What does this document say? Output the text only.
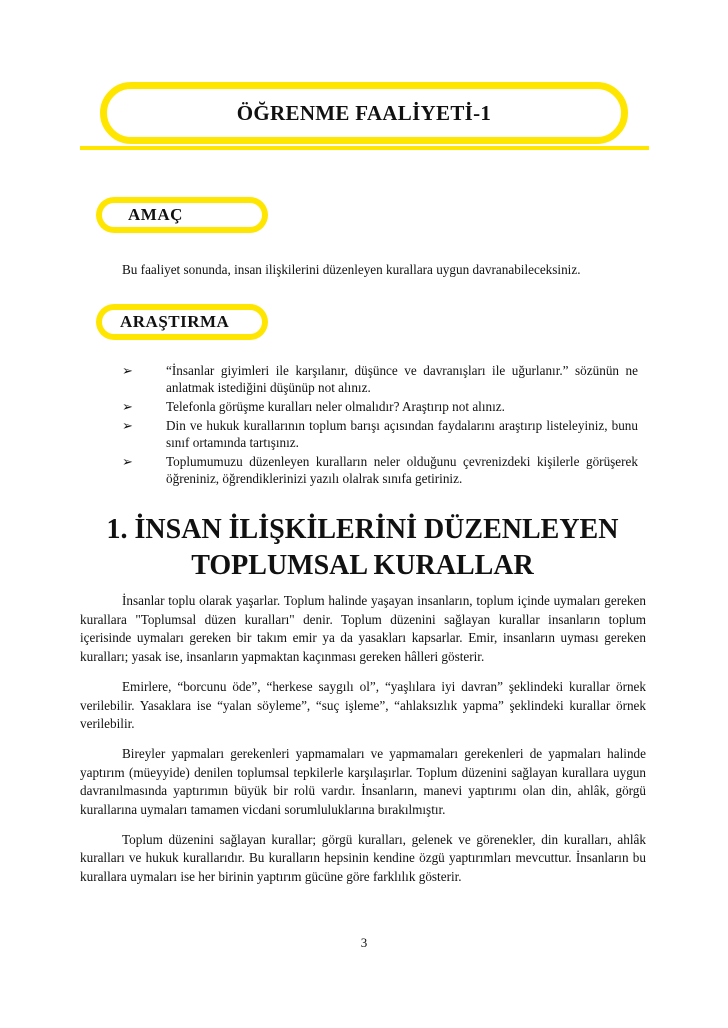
ÖĞRENME FAALİYETİ-1
AMAÇ
Bu faaliyet sonunda, insan ilişkilerini düzenleyen kurallara uygun davranabileceksiniz.
ARAŞTIRMA
➢	“İnsanlar giyimleri ile karşılanır, düşünce ve davranışları ile uğurlanır.” sözünün ne anlatmak istediğini düşünüp not alınız.
➢	Telefonla görüşme kuralları neler olmalıdır? Araştırıp not alınız.
➢	Din ve hukuk kurallarının toplum barışı açısından faydalarını araştırıp listeleyiniz, bunu sınıf ortamında tartışınız.
➢	Toplumumuzu düzenleyen kuralların neler olduğunu çevrenizdeki kişilerle görüşerek öğreniniz, öğrendiklerinizi yazılı olalrak sınıfa getiriniz.
1. İNSAN İLİŞKİLERİNİ DÜZENLEYEN
TOPLUMSAL KURALLAR

İnsanlar toplu olarak yaşarlar. Toplum halinde yaşayan insanların, toplum içinde uymaları gereken kurallara "Toplumsal düzen kuralları" denir. Toplum düzenini sağlayan kurallar insanların toplum içerisinde uymaları gereken bir takım emir ya da yasakları kapsarlar. Emir, insanların uyması gereken kuralları; yasak ise, insanların yapmaktan kaçınması gereken hâlleri gösterir.

Emirlere, “borcunu öde”, “herkese saygılı ol”, “yaşlılara iyi davran” şeklindeki kurallar örnek verilebilir. Yasaklara ise “yalan söyleme”, “suç işleme”, “ahlaksızlık yapma” şeklindeki kurallar örnek verilebilir.

Bireyler yapmaları gerekenleri yapmamaları ve yapmamaları gerekenleri de yapmaları halinde yaptırım (müeyyide) denilen toplumsal tepkilerle karşılaşırlar. Toplum düzenini sağlayan kurallara uygun davranılmasında yaptırımın büyük bir rolü vardır. İnsanların, manevi yaptırımı olan din, ahlâk, görgü kurallarına uymaları tamamen vicdani sorumluluklarına bırakılmıştır.

Toplum düzenini sağlayan kurallar; görgü kuralları, gelenek ve görenekler, din kuralları, ahlâk kuralları ve hukuk kurallarıdır. Bu kuralların hepsinin kendine özgü yaptırımları mevcuttur. İnsanların bu kurallara uymaları ise her birinin yaptırım gücüne göre farklılık gösterir.

3
